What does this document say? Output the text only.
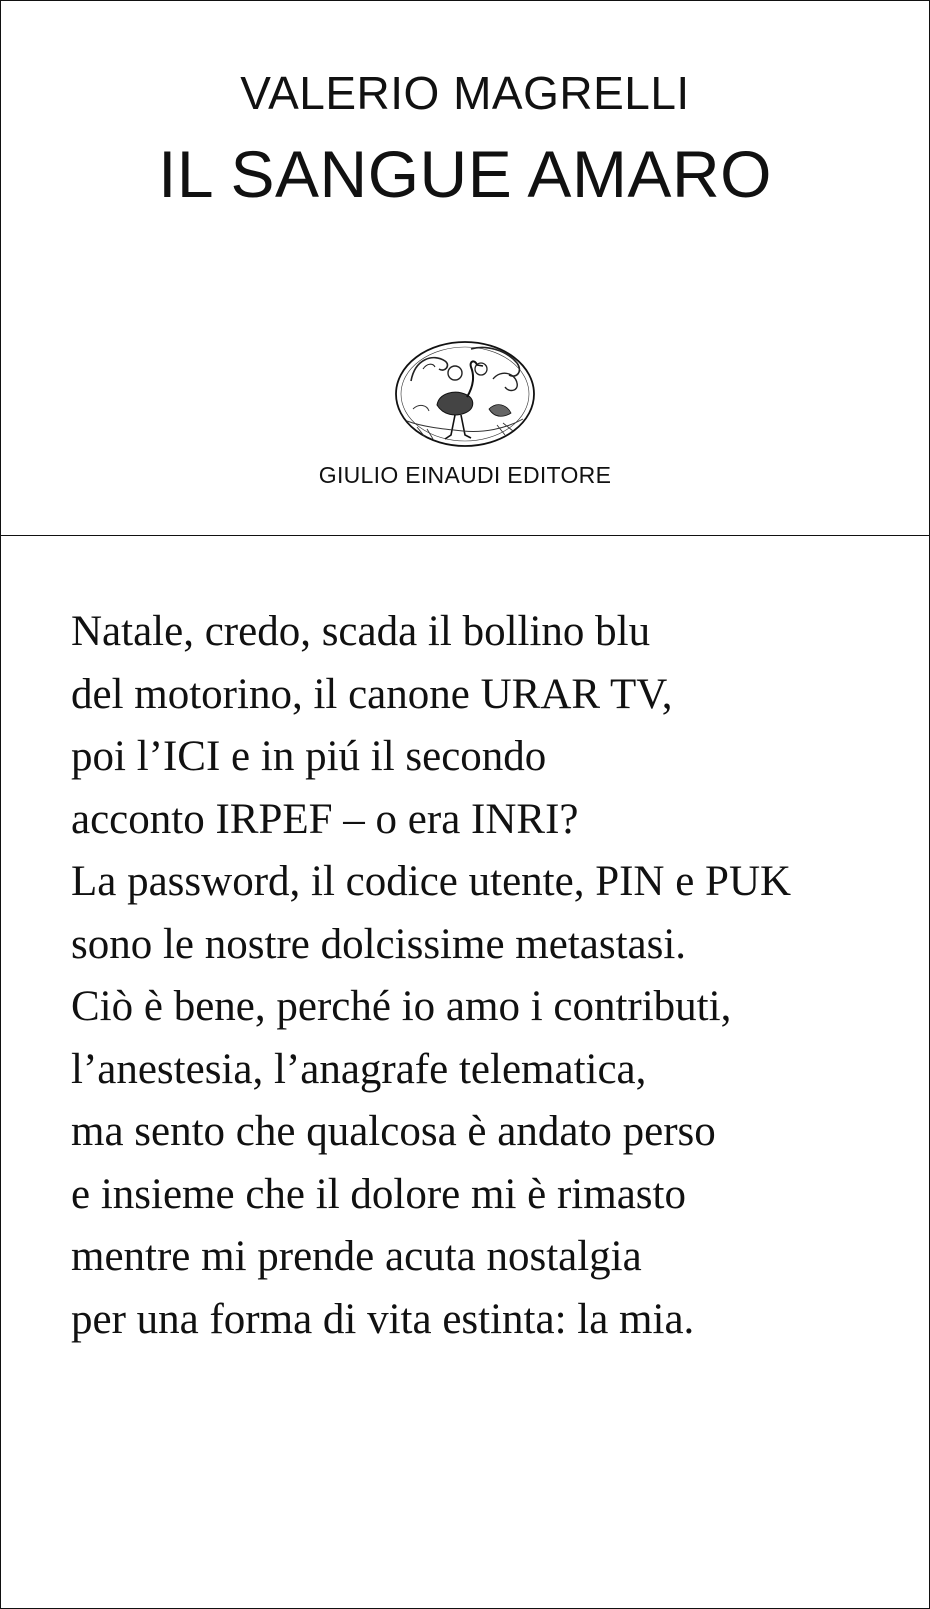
VALERIO MAGRELLI
IL SANGUE AMARO
GIULIO EINAUDI EDITORE
Natale, credo, scada il bollino blu
del motorino, il canone URAR TV,
poi l’ICI e in piú il secondo
acconto IRPEF – o era INRI?
La password, il codice utente, PIN e PUK
sono le nostre dolcissime metastasi.
Ciò è bene, perché io amo i contributi,
l’anestesia, l’anagrafe telematica,
ma sento che qualcosa è andato perso
e insieme che il dolore mi è rimasto
mentre mi prende acuta nostalgia
per una forma di vita estinta: la mia.
